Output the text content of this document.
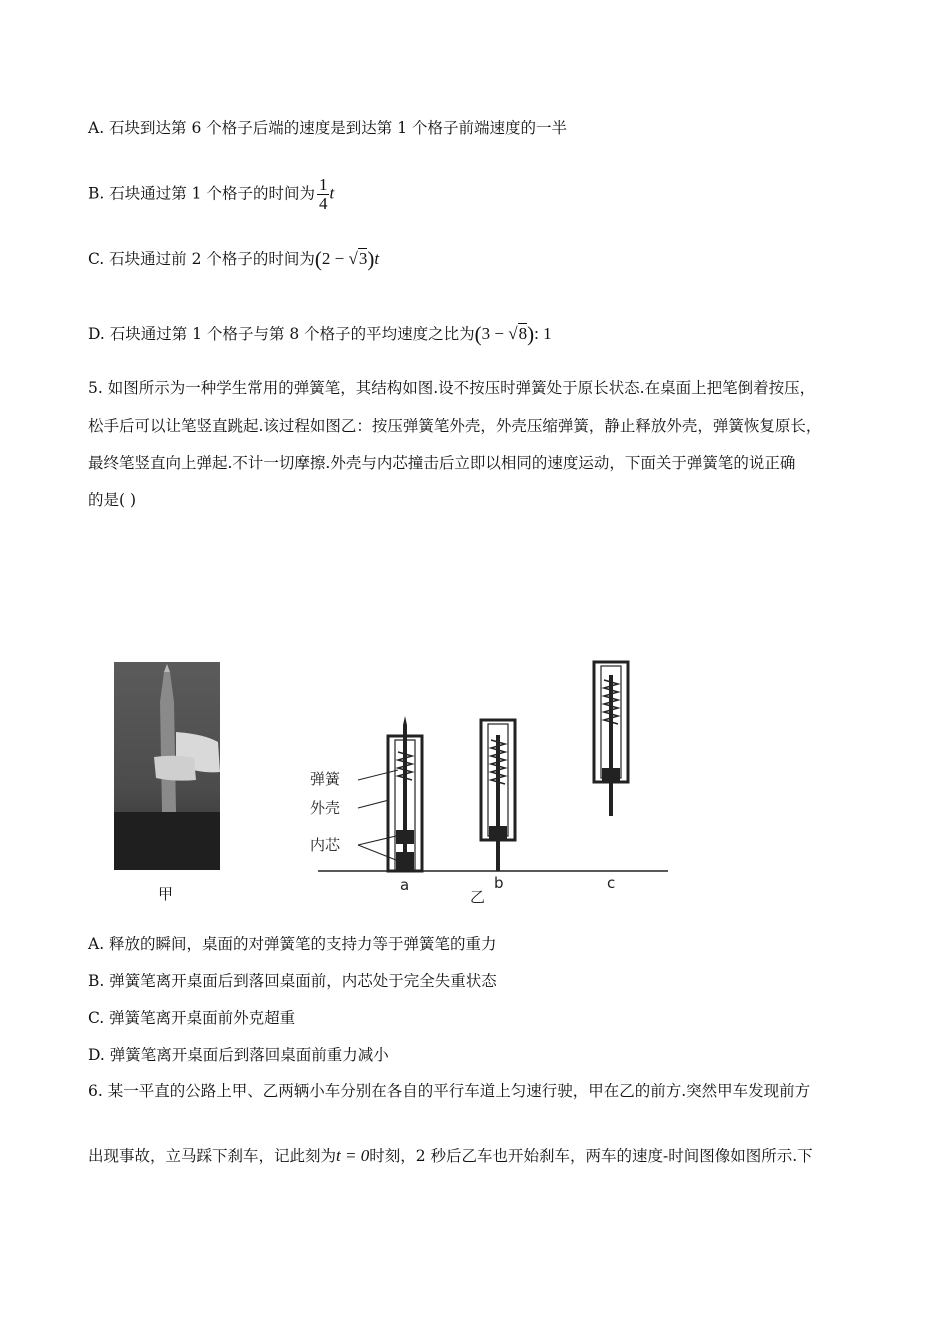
A. 石块到达第 6 个格子后端的速度是到达第 1 个格子前端速度的一半
B. 石块通过第 1 个格子的时间为 $\frac{1}{4}$ t
C. 石块通过前 2 个格子的时间为(2 − √3)t
D. 石块通过第 1 个格子与第 8 个格子的平均速度之比为(3 − √8): 1
5. 如图所示为一种学生常用的弹簧笔，其结构如图.设不按压时弹簧处于原长状态.在桌面上把笔倒着按压，
松手后可以让笔竖直跳起.该过程如图乙：按压弹簧笔外壳，外壳压缩弹簧，静止释放外壳，弹簧恢复原长，
最终笔竖直向上弹起.不计一切摩擦.外壳与内芯撞击后立即以相同的速度运动，下面关于弹簧笔的说正确
的是( )
甲
弹簧
外壳
内芯
a
乙
b	c
A. 释放的瞬间，桌面的对弹簧笔的支持力等于弹簧笔的重力
B. 弹簧笔离开桌面后到落回桌面前，内芯处于完全失重状态
C. 弹簧笔离开桌面前外克超重
D. 弹簧笔离开桌面后到落回桌面前重力减小
6. 某一平直的公路上甲、乙两辆小车分别在各自的平行车道上匀速行驶，甲在乙的前方.突然甲车发现前方
出现事故，立马踩下刹车，记此刻为t = 0时刻，2 秒后乙车也开始刹车，两车的速度-时间图像如图所示.下
